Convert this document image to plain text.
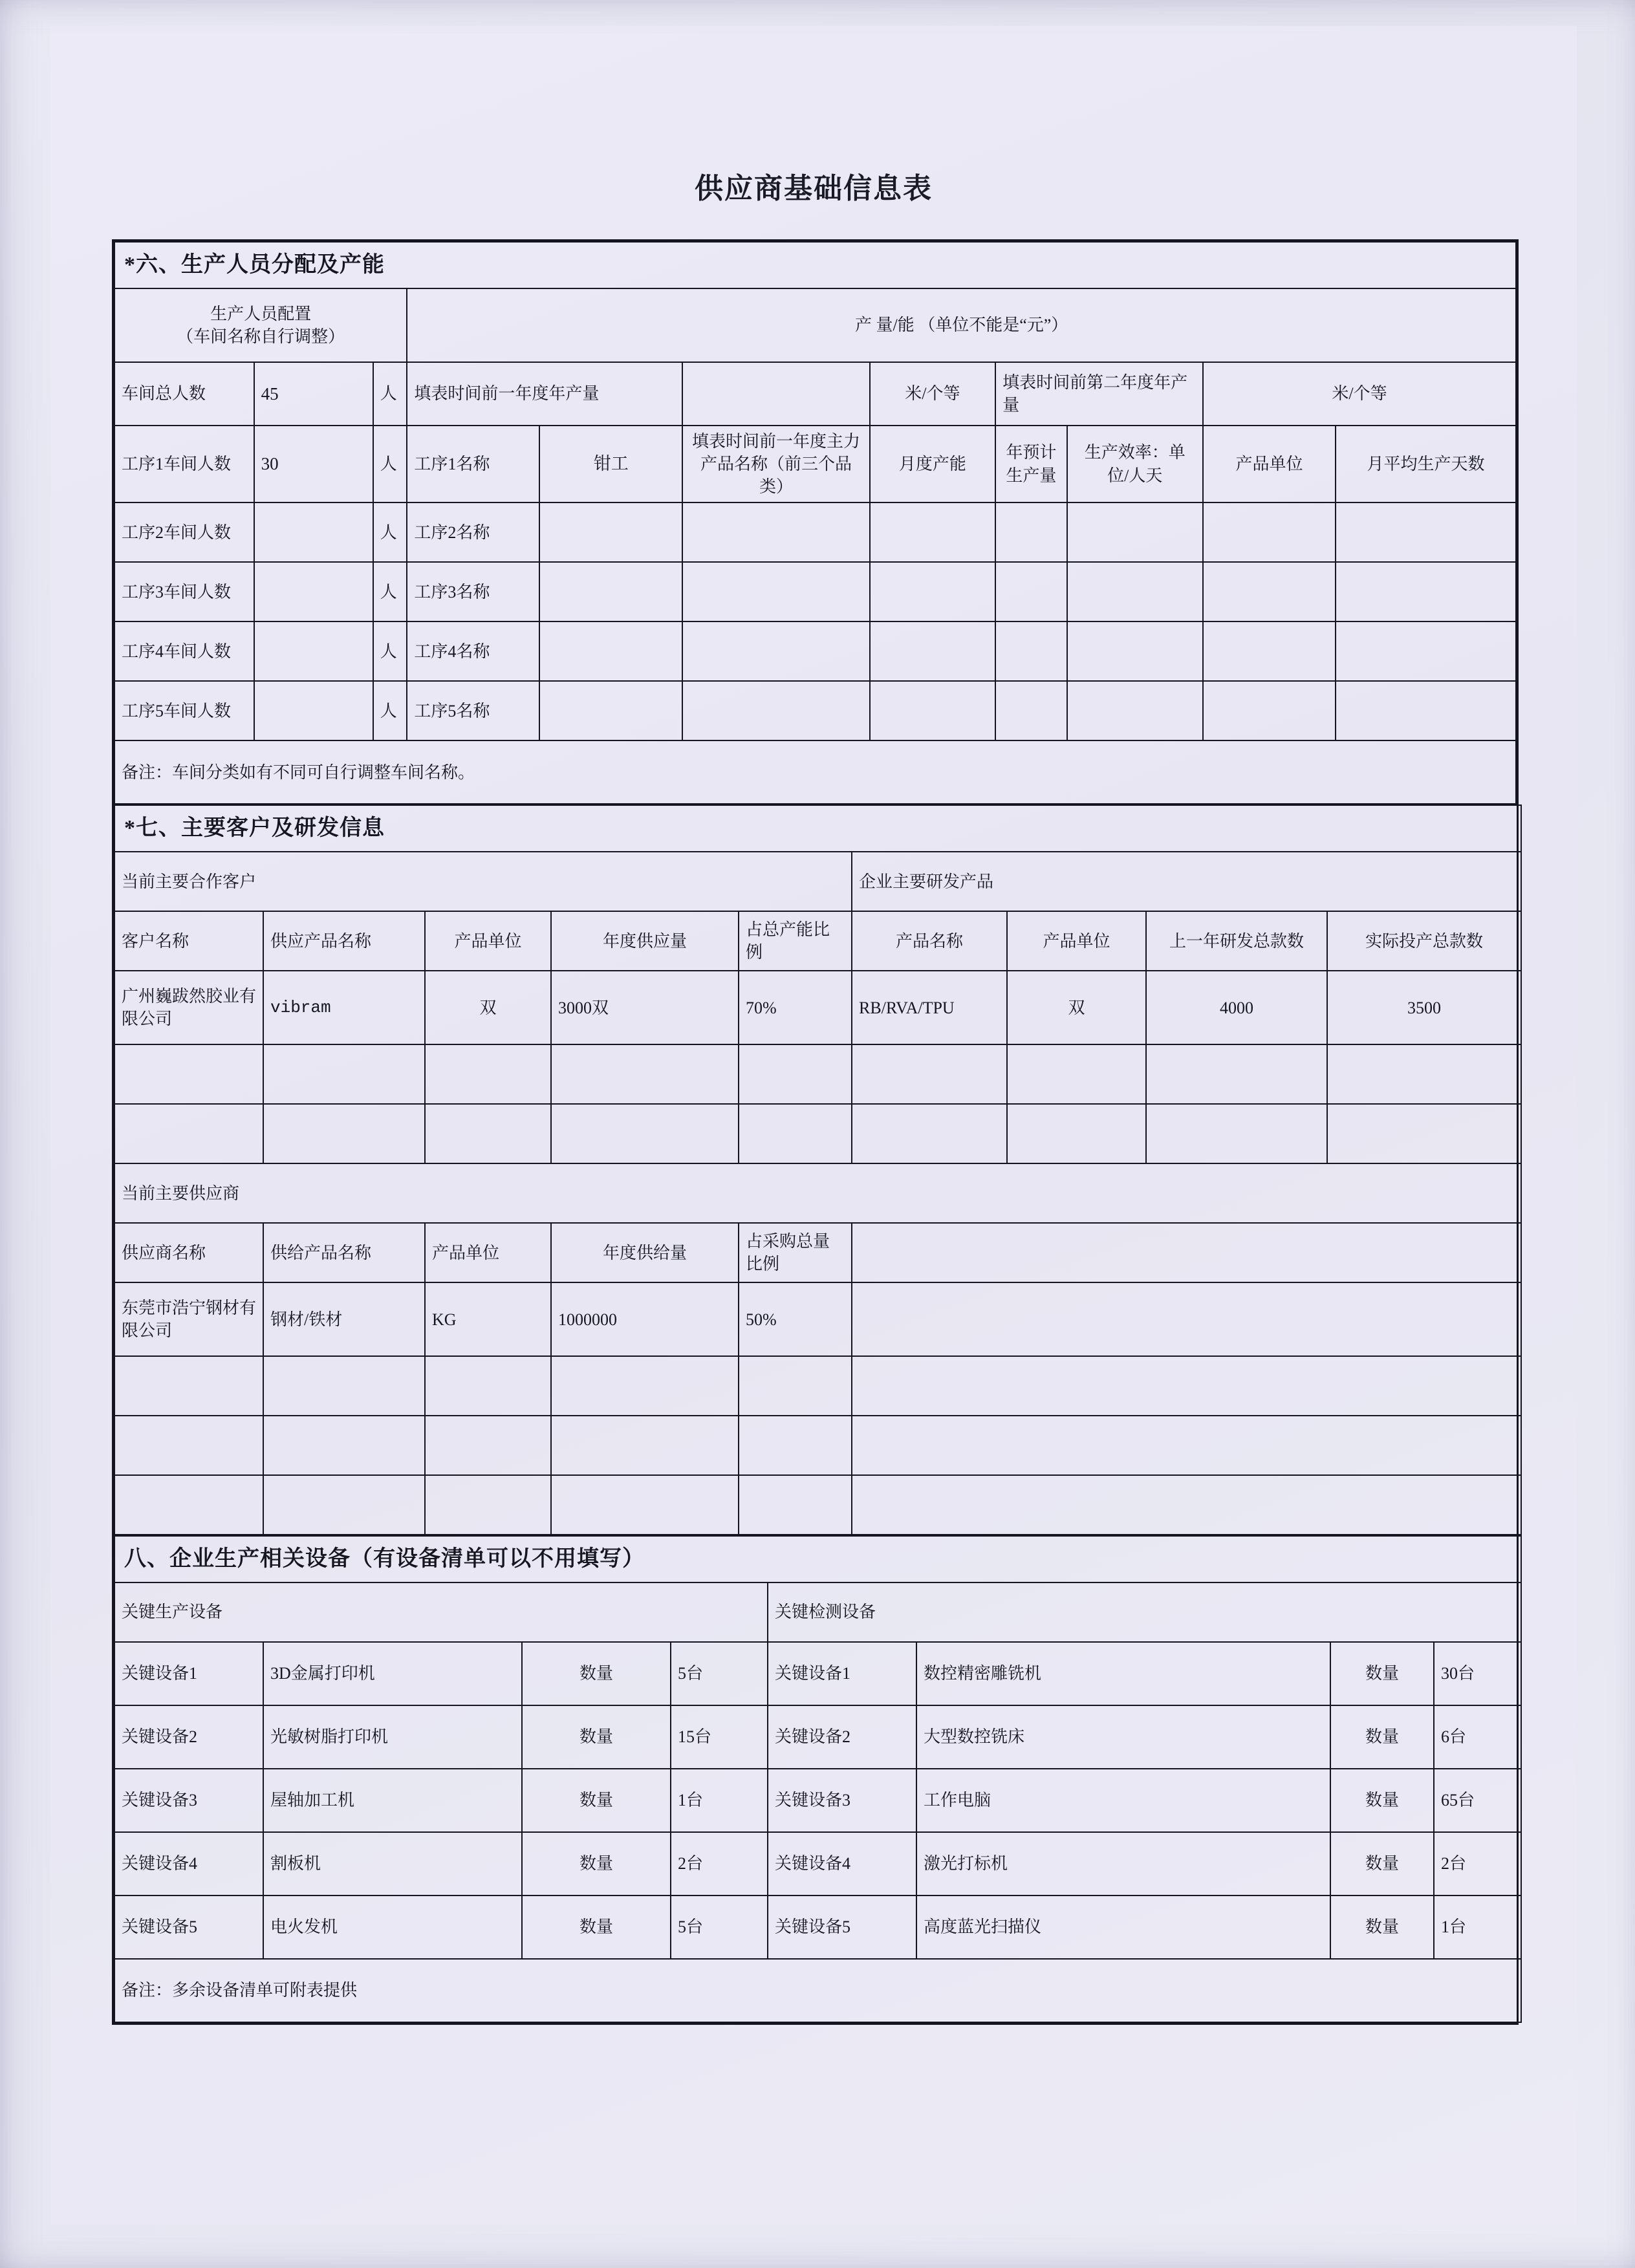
供应商基础信息表
*六、生产人员分配及产能										

生产人员配置
（车间名称自行调整）			产 量/能 （单位不能是“元”）							
车间总人数	45	人	填表时间前一年度年产量			米/个等	填表时间前第二年度年产量		米/个等	
工序1车间人数	30	人	工序1名称	钳工	填表时间前一年度主力产品名称（前三个品类）	月度产能	年预计生产量	生产效率：单位/人天	产品单位	月平均生产天数
工序2车间人数		人	工序2名称							
工序3车间人数		人	工序3名称							
工序4车间人数		人	工序4名称							
工序5车间人数		人	工序5名称							
备注：车间分类如有不同可自行调整车间名称。										
*七、主要客户及研发信息								
当前主要合作客户					企业主要研发产品			
客户名称	供应产品名称	产品单位	年度供应量	占总产能比例	产品名称	产品单位	上一年研发总款数	实际投产总款数
广州巍跋然胶业有限公司	vibram	双	3000双	70%	RB/RVA/TPU	双	4000	3500

当前主要供应商								
供应商名称	供给产品名称	产品单位	年度供给量	占采购总量比例				
东莞市浩宁钢材有限公司	钢材/铁材	KG	1000000	50%				

八、企业生产相关设备（有设备清单可以不用填写）							
关键生产设备				关键检测设备			
关键设备1	3D金属打印机	数量	5台	关键设备1	数控精密雕铣机	数量	30台
关键设备2	光敏树脂打印机	数量	15台	关键设备2	大型数控铣床	数量	6台
关键设备3	屋轴加工机	数量	1台	关键设备3	工作电脑	数量	65台
关键设备4	割板机	数量	2台	关键设备4	激光打标机	数量	2台
关键设备5	电火发机	数量	5台	关键设备5	高度蓝光扫描仪	数量	1台
备注：多余设备清单可附表提供							
